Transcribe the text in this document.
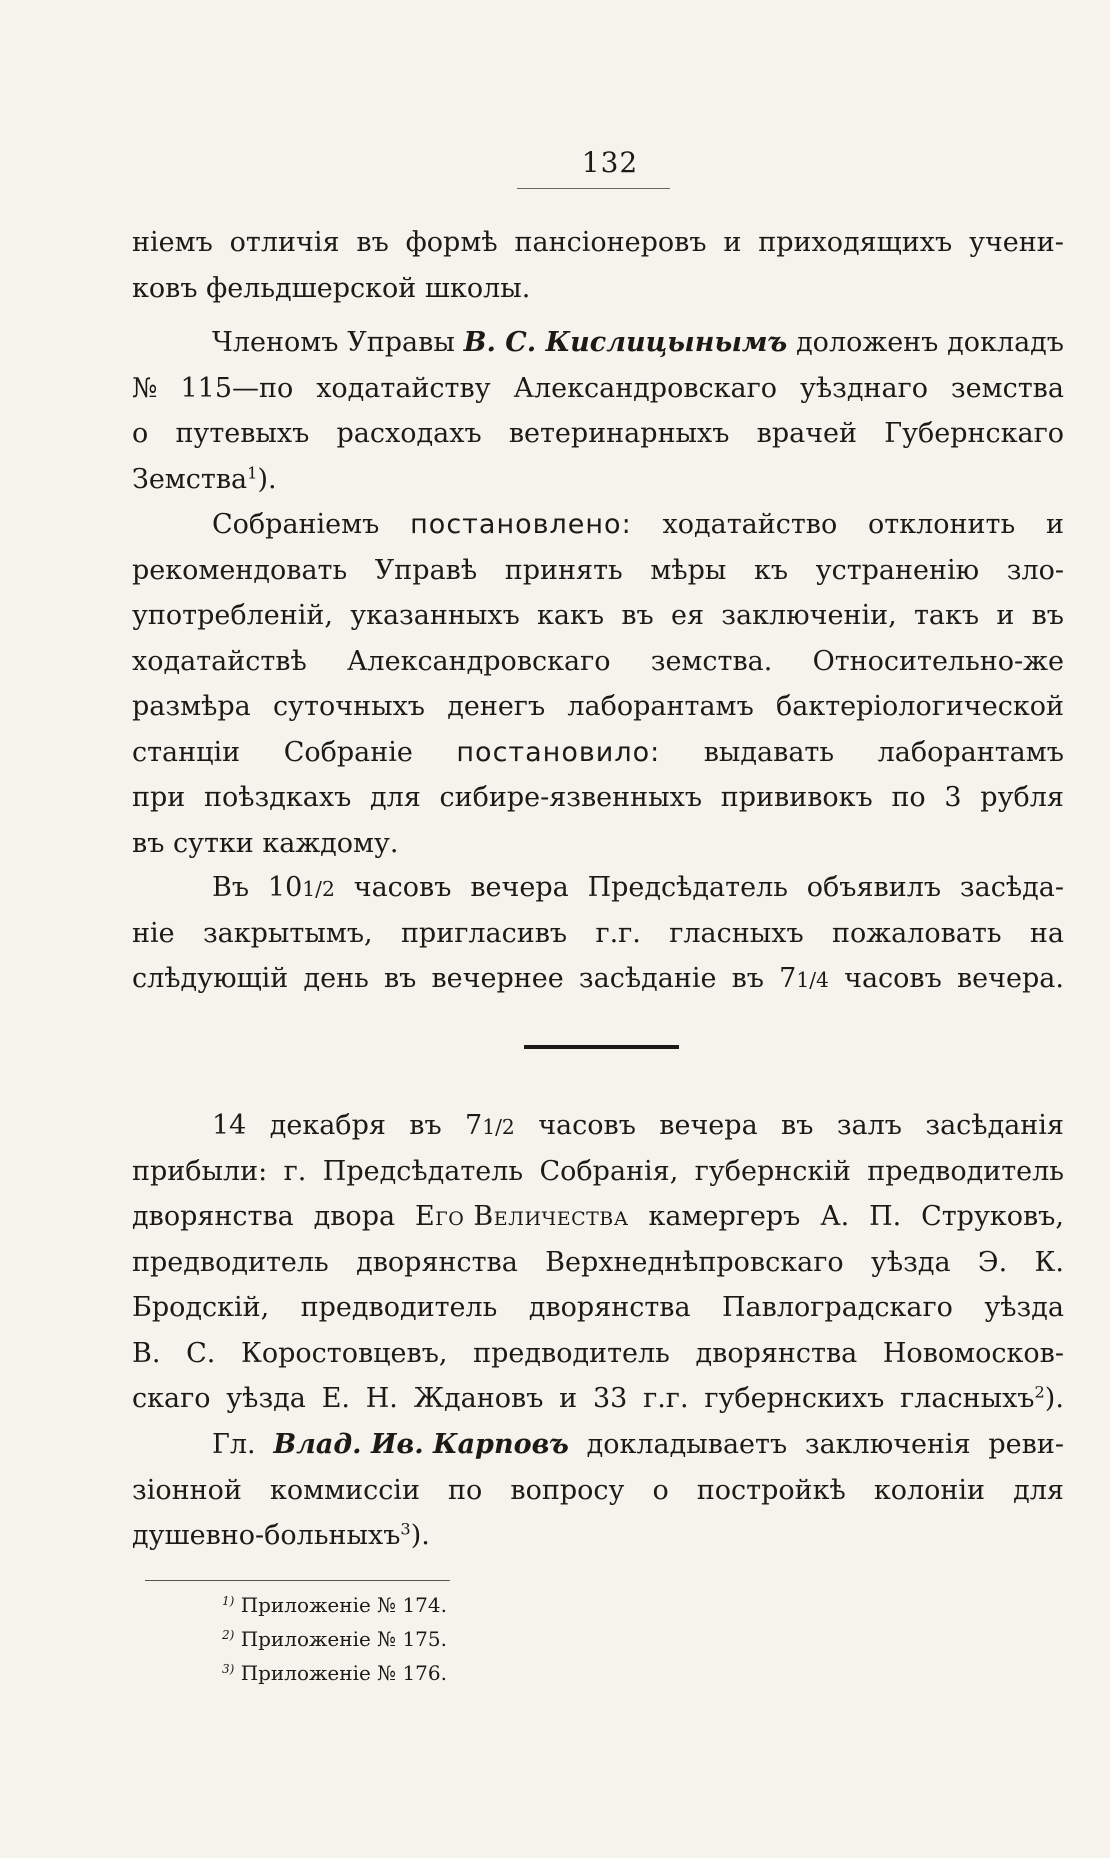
132
ніемъ отличія въ формѣ пансіонеровъ и приходящихъ учени-
ковъ фельдшерской школы.
Членомъ Управы В. С. Кислицынымъ доложенъ докладъ
№ 115—по ходатайству Александровскаго уѣзднаго земства
о путевыхъ расходахъ ветеринарныхъ врачей Губернскаго
Земства$^1$).
Собраніемъ постановлено: ходатайство отклонить и
рекомендовать Управѣ принять мѣры къ устраненію зло-
употребленій, указанныхъ какъ въ ея заключеніи, такъ и въ
ходатайствѣ Александровскаго земства. Относительно-же
размѣра суточныхъ денегъ лаборантамъ бактеріологической
станціи Собраніе постановило: выдавать лаборантамъ
при поѣздкахъ для сибире-язвенныхъ прививокъ по 3 рубля
въ сутки каждому.
Въ 101/2 часовъ вечера Предсѣдатель объявилъ засѣда-
ніе закрытымъ, пригласивъ г.г. гласныхъ пожаловать на
слѣдующій день въ вечернее засѣданіе въ 71/4 часовъ вечера.
14 декабря въ 71/2 часовъ вечера въ залъ засѣданія
прибыли: г. Предсѣдатель Собранія, губернскій предводитель
дворянства двора Его Величества камергеръ А. П. Струковъ,
предводитель дворянства Верхнеднѣпровскаго уѣзда Э. К.
Бродскій, предводитель дворянства Павлоградскаго уѣзда
В. С. Коростовцевъ, предводитель дворянства Новомосков-
скаго уѣзда Е. Н. Ждановъ и 33 г.г. губернскихъ гласныхъ$^2$).
Гл. Влад. Ив. Карповъ докладываетъ заключенія реви-
зіонной коммиссіи по вопросу о постройкѣ колоніи для
душевно-больныхъ$^3$).
$^{1)}$ Приложеніе № 174.
$^{2)}$ Приложеніе № 175.
$^{3)}$ Приложеніе № 176.
